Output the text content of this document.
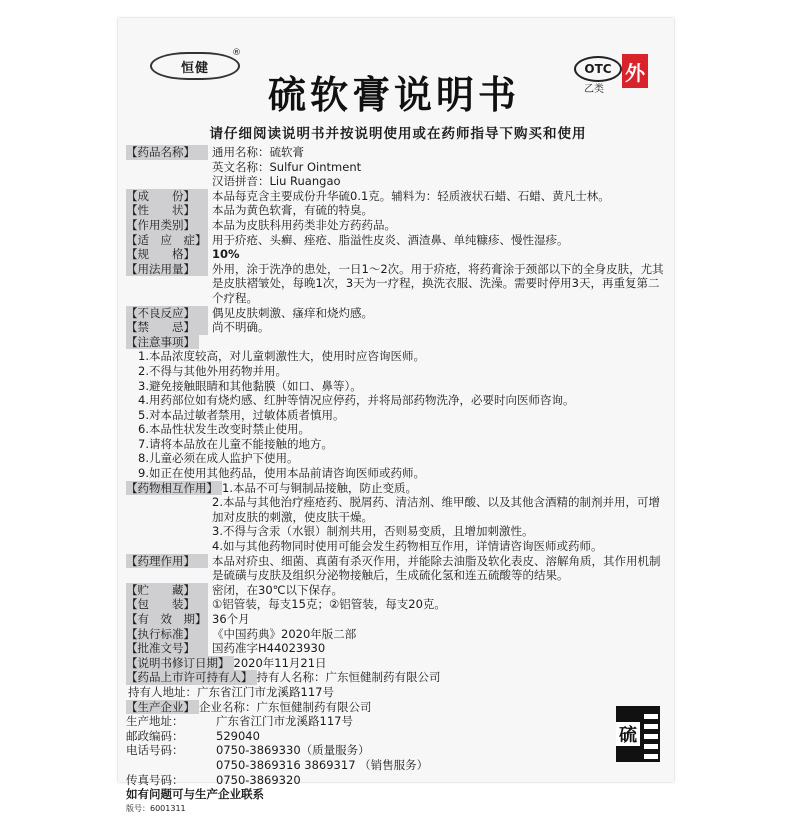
恒健
®
硫软膏说明书
OTC
乙类
外
请仔细阅读说明书并按说明使用或在药师指导下购买和使用
【药品名称】	通用名称：硫软膏
英文名称：Sulfur Ointment
汉语拼音：Liu Ruangao
【成　　份】	本品每克含主要成份升华硫0.1克。辅料为：轻质液状石蜡、石蜡、黄凡士林。
【性　　状】	本品为黄色软膏，有硫的特臭。
【作用类别】	本品为皮肤科用药类非处方药药品。
【适　应　症】 用于疥疮、头癣、痤疮、脂溢性皮炎、酒渣鼻、单纯糠疹、慢性湿疹。
【规　　格】	10%
【用法用量】	外用，涂于洗净的患处，一日1～2次。用于疥疮，将药膏涂于颈部以下的全身皮肤，尤其是皮肤褶皱处，每晚1次，3天为一疗程，换洗衣服、洗澡。需要时停用3天，再重复第二个疗程。
【不良反应】	偶见皮肤刺激、瘙痒和烧灼感。
【禁　　忌】	尚不明确。
【注意事项】
1.本品浓度较高，对儿童刺激性大，使用时应咨询医师。
2.不得与其他外用药物并用。
3.避免接触眼睛和其他黏膜（如口、鼻等）。
4.用药部位如有烧灼感、红肿等情况应停药，并将局部药物洗净，必要时向医师咨询。
5.对本品过敏者禁用，过敏体质者慎用。
6.本品性状发生改变时禁止使用。
7.请将本品放在儿童不能接触的地方。
8.儿童必须在成人监护下使用。
9.如正在使用其他药品，使用本品前请咨询医师或药师。
【药物相互作用】 1.本品不可与铜制品接触，防止变质。
2.本品与其他治疗痤疮药、脱屑药、清洁剂、维甲酸、以及其他含酒精的制剂并用，可增加对皮肤的刺激，使皮肤干燥。
3.不得与含汞（水银）制剂共用，否则易变质，且增加刺激性。
4.如与其他药物同时使用可能会发生药物相互作用，详情请咨询医师或药师。
【药理作用】	本品对疥虫、细菌、真菌有杀灭作用，并能除去油脂及软化表皮、溶解角质，其作用机制是硫磺与皮肤及组织分泌物接触后，生成硫化氢和连五硫酸等的结果。
【贮　　藏】	密闭，在30℃以下保存。
【包　　装】	①铝管装，每支15克；②铝管装，每支20克。
【有　效　期】 36个月
【执行标准】	《中国药典》2020年版二部
【批准文号】	国药准字H44023930
【说明书修订日期】 2020年11月21日
【药品上市许可持有人】 持有人名称：广东恒健制药有限公司
持有人地址：广东省江门市龙溪路117号
【生产企业】 企业名称：广东恒健制药有限公司
生产地址：	广东省江门市龙溪路117号
邮政编码：	529040
电话号码：	0750-3869330（质量服务）
0750-3869316 3869317 （销售服务）
传真号码：	0750-3869320
如有问题可与生产企业联系
版号：6001311
硫
